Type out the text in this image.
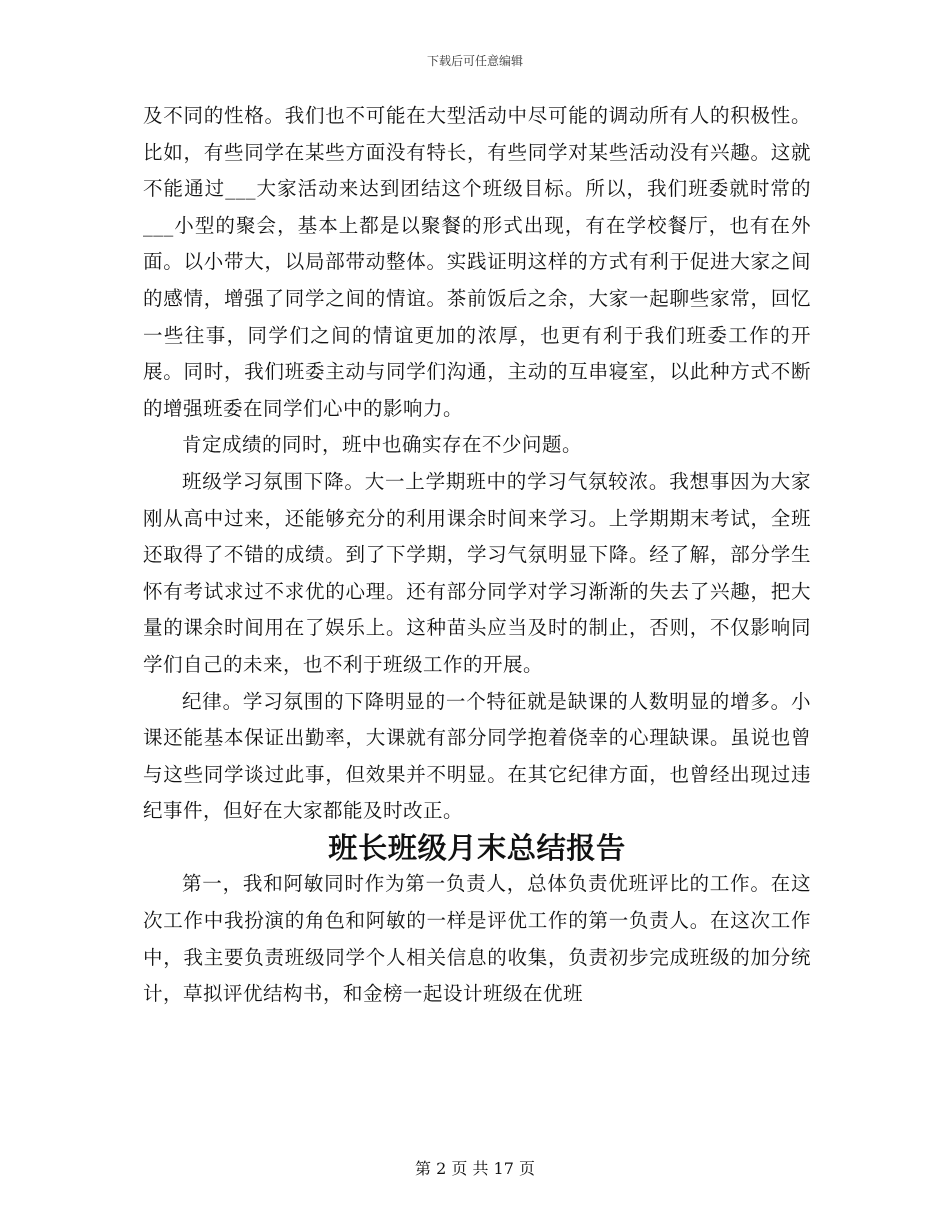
下载后可任意编辑

及不同的性格。我们也不可能在大型活动中尽可能的调动所有人的积极性。比如，有些同学在某些方面没有特长，有些同学对某些活动没有兴趣。这就不能通过___大家活动来达到团结这个班级目标。所以，我们班委就时常的___小型的聚会，基本上都是以聚餐的形式出现，有在学校餐厅，也有在外面。以小带大，以局部带动整体。实践证明这样的方式有利于促进大家之间的感情，增强了同学之间的情谊。茶前饭后之余，大家一起聊些家常，回忆一些往事，同学们之间的情谊更加的浓厚，也更有利于我们班委工作的开展。同时，我们班委主动与同学们沟通，主动的互串寝室，以此种方式不断的增强班委在同学们心中的影响力。

肯定成绩的同时，班中也确实存在不少问题。

班级学习氛围下降。大一上学期班中的学习气氛较浓。我想事因为大家刚从高中过来，还能够充分的利用课余时间来学习。上学期期末考试，全班还取得了不错的成绩。到了下学期，学习气氛明显下降。经了解，部分学生怀有考试求过不求优的心理。还有部分同学对学习渐渐的失去了兴趣，把大量的课余时间用在了娱乐上。这种苗头应当及时的制止，否则，不仅影响同学们自己的未来，也不利于班级工作的开展。

纪律。学习氛围的下降明显的一个特征就是缺课的人数明显的增多。小课还能基本保证出勤率，大课就有部分同学抱着侥幸的心理缺课。虽说也曾与这些同学谈过此事，但效果并不明显。在其它纪律方面，也曾经出现过违纪事件，但好在大家都能及时改正。

班长班级月末总结报告

第一，我和阿敏同时作为第一负责人，总体负责优班评比的工作。在这次工作中我扮演的角色和阿敏的一样是评优工作的第一负责人。在这次工作中，我主要负责班级同学个人相关信息的收集，负责初步完成班级的加分统计，草拟评优结构书，和金榜一起设计班级在优班

第 2 页 共 17 页
